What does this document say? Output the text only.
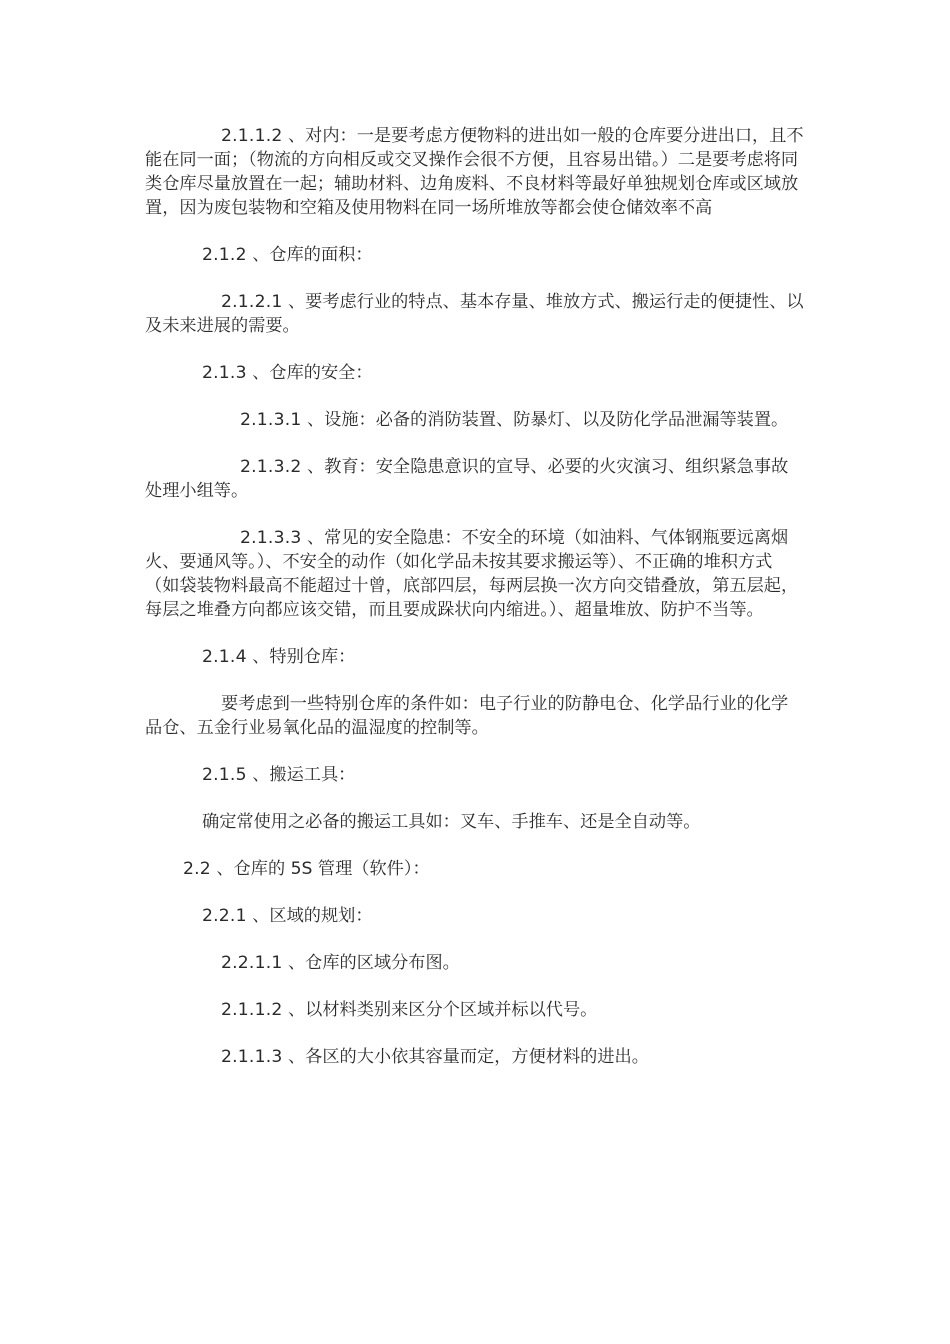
2.1.1.2 、对内：一是要考虑方便物料的进出如一般的仓库要分进出口，且不能在同一面；（物流的方向相反或交叉操作会很不方便，且容易出错。）二是要考虑将同类仓库尽量放置在一起；辅助材料、边角废料、不良材料等最好单独规划仓库或区域放置，因为废包装物和空箱及使用物料在同一场所堆放等都会使仓储效率不高

2.1.2 、仓库的面积：

2.1.2.1 、要考虑行业的特点、基本存量、堆放方式、搬运行走的便捷性、以及未来进展的需要。

2.1.3 、仓库的安全：

2.1.3.1 、设施：必备的消防装置、防暴灯、以及防化学品泄漏等装置。

2.1.3.2 、教育：安全隐患意识的宣导、必要的火灾演习、组织紧急事故处理小组等。

2.1.3.3 、常见的安全隐患：不安全的环境（如油料、气体钢瓶要远离烟火、要通风等。）、不安全的动作（如化学品未按其要求搬运等）、不正确的堆积方式（如袋装物料最高不能超过十曾，底部四层，每两层换一次方向交错叠放，第五层起，每层之堆叠方向都应该交错，而且要成跺状向内缩进。）、超量堆放、防护不当等。

2.1.4 、特别仓库：

要考虑到一些特别仓库的条件如：电子行业的防静电仓、化学品行业的化学品仓、五金行业易氧化品的温湿度的控制等。

2.1.5 、搬运工具：

确定常使用之必备的搬运工具如：叉车、手推车、还是全自动等。

2.2 、仓库的 5S 管理（软件）：

2.2.1 、区域的规划：

2.2.1.1 、仓库的区域分布图。

2.1.1.2 、以材料类别来区分个区域并标以代号。

2.1.1.3 、各区的大小依其容量而定，方便材料的进出。
